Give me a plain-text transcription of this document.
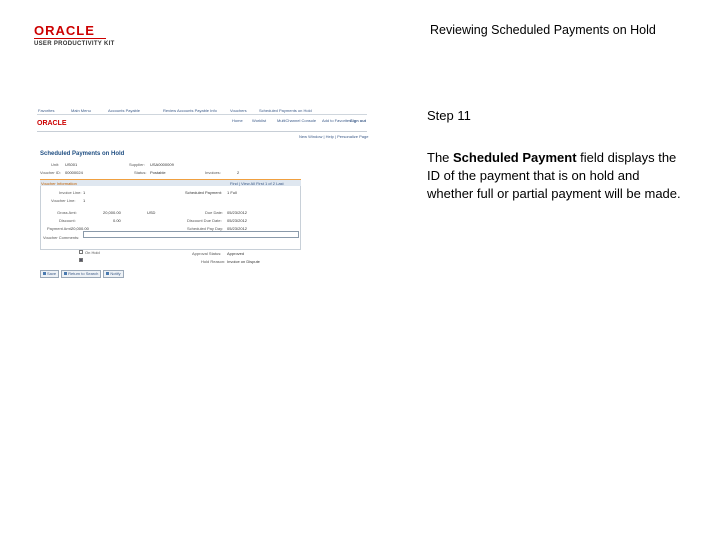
ORACLE
USER PRODUCTIVITY KIT
Reviewing Scheduled Payments on Hold
Step 11
The Scheduled Payment field displays the ID of the payment that is on hold and whether full or partial payment will be made.
Favorites	Main Menu	Accounts Payable	Review Accounts Payable Info	Vouchers	Scheduled Payments on Hold
ORACLE	Home Worklist	MultiChannel Console Add to Favorites
Sign out
New Window | Help | Personalize Page
Scheduled Payments on Hold
Unit: US001	Supplier: USA0000009
Voucher ID: 00000024	Status: Postable	Invoices:	2
Voucher Information	Find | View All First 1 of 2 Last
Invoice Line: 1	Scheduled Payment: 1 Full
Voucher Line: 1
Gross Amt:	20,000.00	USD	Due Date: 05/23/2012
Discount:	0.00	Discount Due Date: 05/23/2012
Payment Amt: 20,000.00	Scheduled Pay Day: 05/23/2012
Voucher Comments:
On Hold	Approval Status: Approved
Hold Reason: Invoice on Dispute
Save	Return to Search	Notify
